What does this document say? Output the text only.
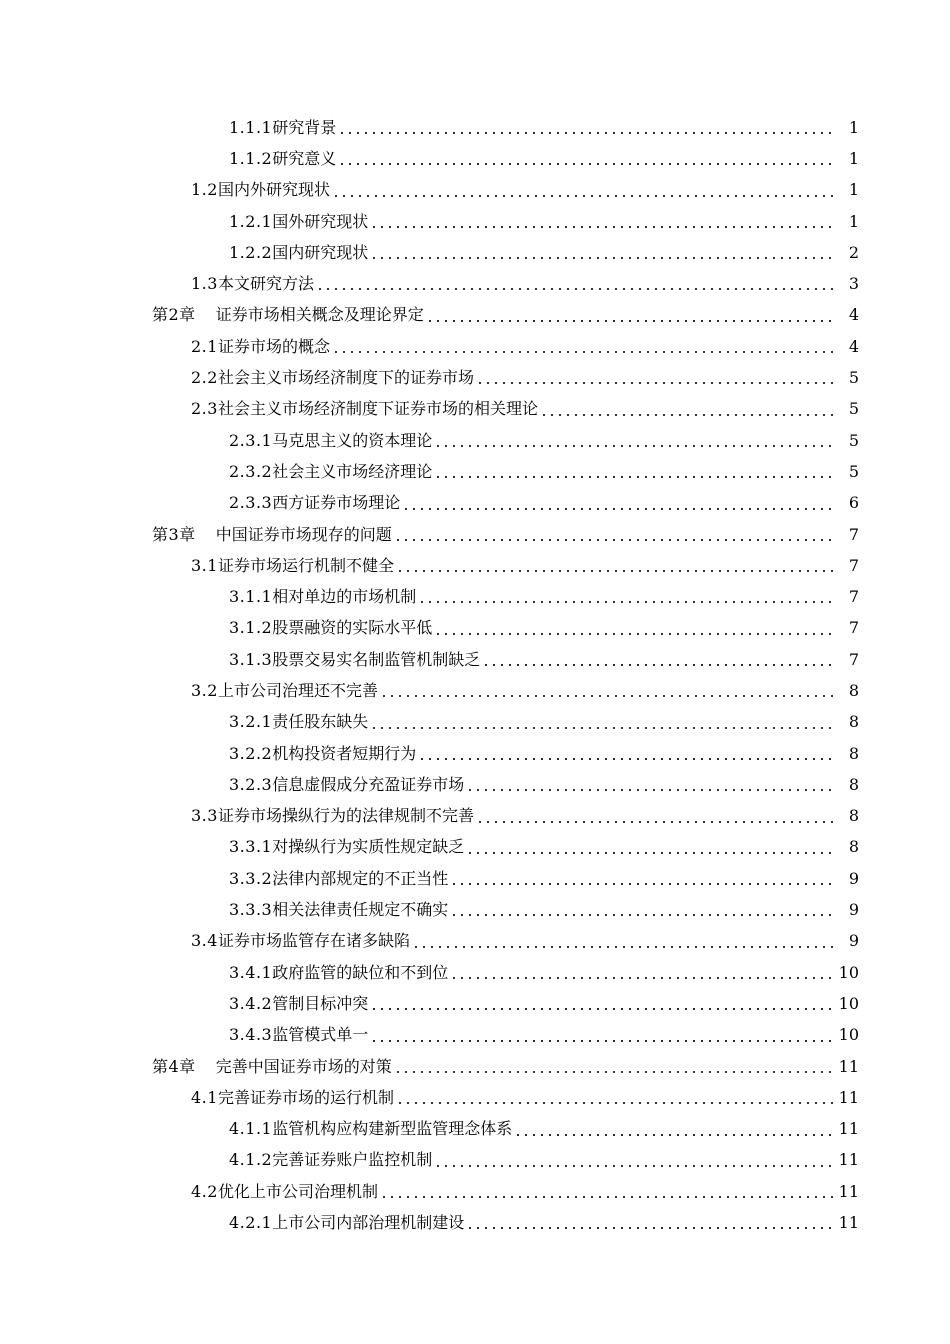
1.1.1 研究背景	1
1.1.2 研究意义	1
1.2 国内外研究现状	1
1.2.1 国外研究现状	1
1.2.2 国内研究现状	2
1.3 本文研究方法	3
第2章 证券市场相关概念及理论界定	4
2.1 证券市场的概念	4
2.2 社会主义市场经济制度下的证券市场	5
2.3 社会主义市场经济制度下证券市场的相关理论	5
2.3.1 马克思主义的资本理论	5
2.3.2 社会主义市场经济理论	5
2.3.3 西方证券市场理论	6
第3章 中国证券市场现存的问题	7
3.1 证券市场运行机制不健全	7
3.1.1 相对单边的市场机制	7
3.1.2 股票融资的实际水平低	7
3.1.3 股票交易实名制监管机制缺乏	7
3.2 上市公司治理还不完善	8
3.2.1 责任股东缺失	8
3.2.2 机构投资者短期行为	8
3.2.3 信息虚假成分充盈证券市场	8
3.3 证券市场操纵行为的法律规制不完善	8
3.3.1 对操纵行为实质性规定缺乏	8
3.3.2 法律内部规定的不正当性	9
3.3.3 相关法律责任规定不确实	9
3.4 证券市场监管存在诸多缺陷	9
3.4.1 政府监管的缺位和不到位	10
3.4.2 管制目标冲突	10
3.4.3 监管模式单一	10
第4章 完善中国证券市场的对策	11
4.1 完善证券市场的运行机制	11
4.1.1 监管机构应构建新型监管理念体系	11
4.1.2 完善证券账户监控机制	11
4.2 优化上市公司治理机制	11
4.2.1 上市公司内部治理机制建设	11
